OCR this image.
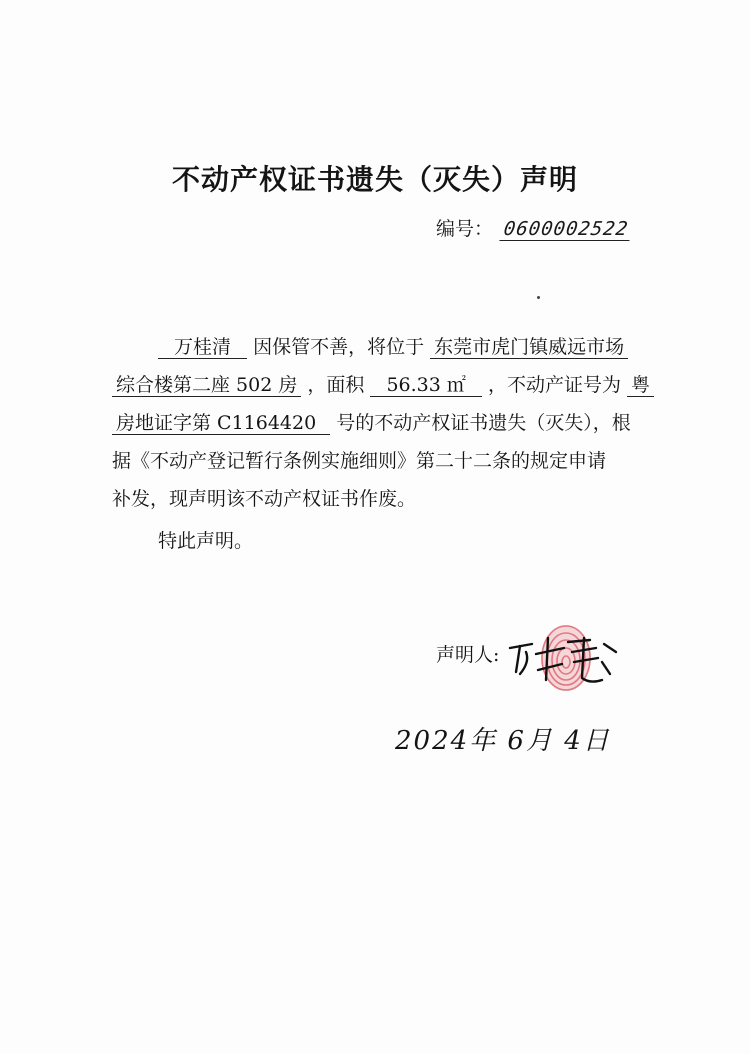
不动产权证书遗失（灭失）声明
编号： 0600002522
万桂清 因保管不善，将位于 东莞市虎门镇威远市场
综合楼第二座 502 房 ，面积 56.33 ㎡ ，不动产证号为 粤
房地证字第 C1164420 号的不动产权证书遗失（灭失），根
据《不动产登记暂行条例实施细则》第二十二条的规定申请
补发，现声明该不动产权证书作废。
特此声明。
声明人:
2024年 6月 4日
